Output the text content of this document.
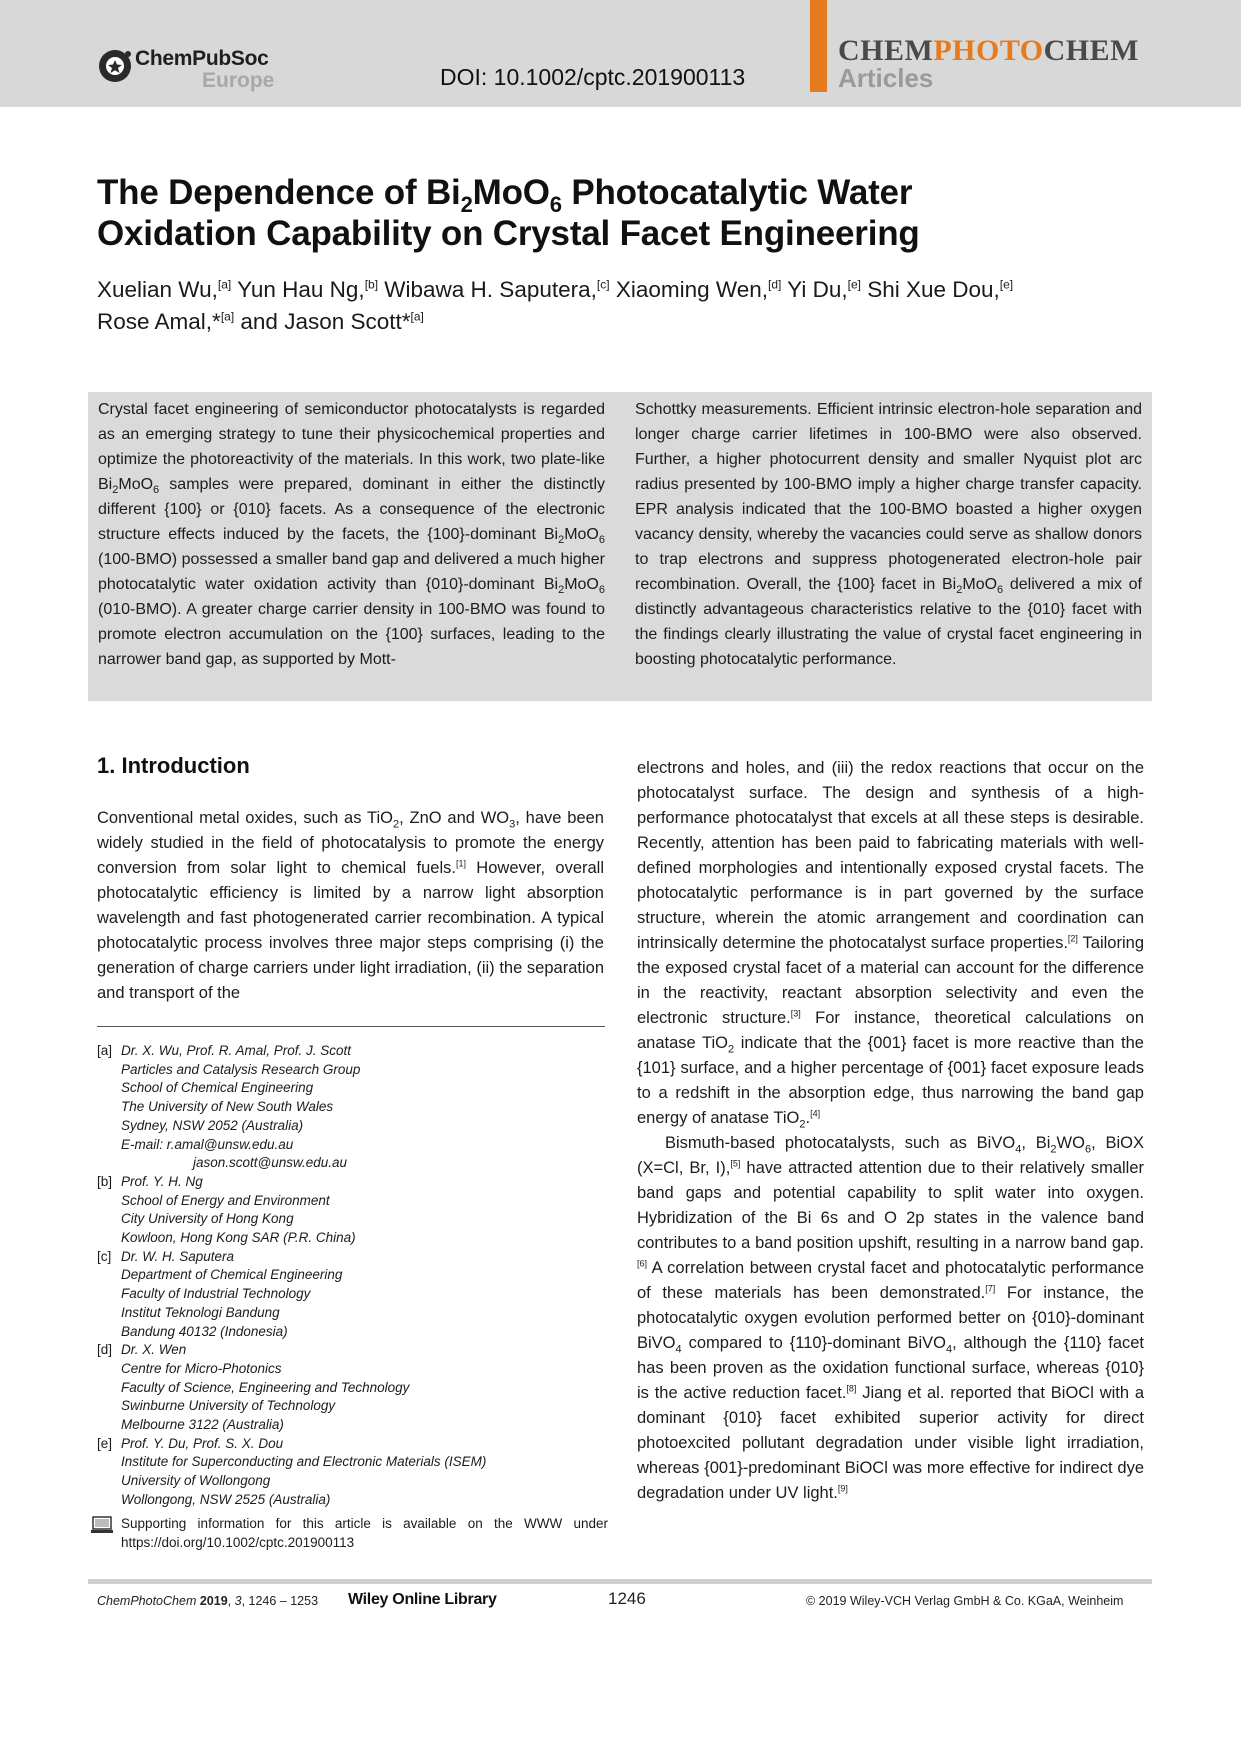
ChemPubSoc
Europe	DOI: 10.1002/cptc.201900113
CHEMPHOTOCHEM
Articles
The Dependence of $Bi_2MoO_6$ Photocatalytic Water
Oxidation Capability on Crystal Facet Engineering
Xuelian Wu,[a] Yun Hau Ng,[b] Wibawa H. Saputera,[c] Xiaoming Wen,[d] Yi Du,[e] Shi Xue Dou,[e]
Rose Amal,*[a] and Jason Scott*[a]
Crystal facet engineering of semiconductor photocatalysts is regarded as an emerging strategy to tune their physicochemical properties and optimize the photoreactivity of the materials. In this work, two plate-like $Bi_2MoO_6$ samples were prepared, dominant in either the distinctly different {100} or {010} facets. As a consequence of the electronic structure effects induced by the facets, the {100}-dominant $Bi_2MoO_6$ (100-BMO) possessed a smaller band gap and delivered a much higher photocatalytic water oxidation activity than {010}-dominant $Bi_2MoO_6$ (010-BMO). A greater charge carrier density in 100-BMO was found to promote electron accumulation on the {100} surfaces, leading to the narrower band gap, as supported by Mott-
Schottky measurements. Efficient intrinsic electron-hole separation and longer charge carrier lifetimes in 100-BMO were also observed. Further, a higher photocurrent density and smaller Nyquist plot arc radius presented by 100-BMO imply a higher charge transfer capacity. EPR analysis indicated that the 100-BMO boasted a higher oxygen vacancy density, whereby the vacancies could serve as shallow donors to trap electrons and suppress photogenerated electron-hole pair recombination. Overall, the {100} facet in $Bi_2MoO_6$ delivered a mix of distinctly advantageous characteristics relative to the {010} facet with the findings clearly illustrating the value of crystal facet engineering in boosting photocatalytic performance.
1. Introduction

Conventional metal oxides, such as TiO$_2$, ZnO and $WO_3$, have been widely studied in the field of photocatalysis to promote the energy conversion from solar light to chemical fuels.[1] However, overall photocatalytic efficiency is limited by a narrow light absorption wavelength and fast photogenerated carrier recombination. A typical photocatalytic process involves three major steps comprising (i) the generation of charge carriers under light irradiation, (ii) the separation and transport of the

electrons and holes, and (iii) the redox reactions that occur on the photocatalyst surface. The design and synthesis of a high-performance photocatalyst that excels at all these steps is desirable. Recently, attention has been paid to fabricating materials with well-defined morphologies and intentionally exposed crystal facets. The photocatalytic performance is in part governed by the surface structure, wherein the atomic arrangement and coordination can intrinsically determine the photocatalyst surface properties.[2] Tailoring the exposed crystal facet of a material can account for the difference in the reactivity, reactant absorption selectivity and even the electronic structure.[3] For instance, theoretical calculations on anatase TiO$_2$ indicate that the {001} facet is more reactive than the {101} surface, and a higher percentage of {001} facet exposure leads to a redshift in the absorption edge, thus narrowing the band gap energy of anatase TiO$_2$.[4]

Bismuth-based photocatalysts, such as BiVO$_4$, $Bi_2WO_6$, BiOX (X=Cl, Br, I),[5] have attracted attention due to their relatively smaller band gaps and potential capability to split water into oxygen. Hybridization of the Bi 6s and O 2p states in the valence band contributes to a band position upshift, resulting in a narrow band gap.[6] A correlation between crystal facet and photocatalytic performance of these materials has been demonstrated.[7] For instance, the photocatalytic oxygen evolution performed better on {010}-dominant BiVO$_4$ compared to {110}-dominant BiVO$_4$, although the {110} facet has been proven as the oxidation functional surface, whereas {010} is the active reduction facet.[8] Jiang et al. reported that BiOCl with a dominant {010} facet exhibited superior activity for direct photoexcited pollutant degradation under visible light irradiation, whereas {001}-predominant BiOCl was more effective for indirect dye degradation under UV light.[9]

[a] Dr. X. Wu, Prof. R. Amal, Prof. J. Scott
Particles and Catalysis Research Group
School of Chemical Engineering
The University of New South Wales
Sydney, NSW 2052 (Australia)
E-mail: r.amal@unsw.edu.au
jason.scott@unsw.edu.au
[b] Prof. Y. H. Ng
School of Energy and Environment
City University of Hong Kong
Kowloon, Hong Kong SAR (P.R. China)
[c] Dr. W. H. Saputera
Department of Chemical Engineering
Faculty of Industrial Technology
Institut Teknologi Bandung
Bandung 40132 (Indonesia)
[d] Dr. X. Wen
Centre for Micro-Photonics
Faculty of Science, Engineering and Technology
Swinburne University of Technology
Melbourne 3122 (Australia)
[e] Prof. Y. Du, Prof. S. X. Dou
Institute for Superconducting and Electronic Materials (ISEM)
University of Wollongong
Wollongong, NSW 2525 (Australia)
Supporting information for this article is available on the WWW under https://doi.org/10.1002/cptc.201900113
ChemPhotoChem 2019, 3, 1246 – 1253 Wiley Online Library	1246	© 2019 Wiley-VCH Verlag GmbH & Co. KGaA, Weinheim
